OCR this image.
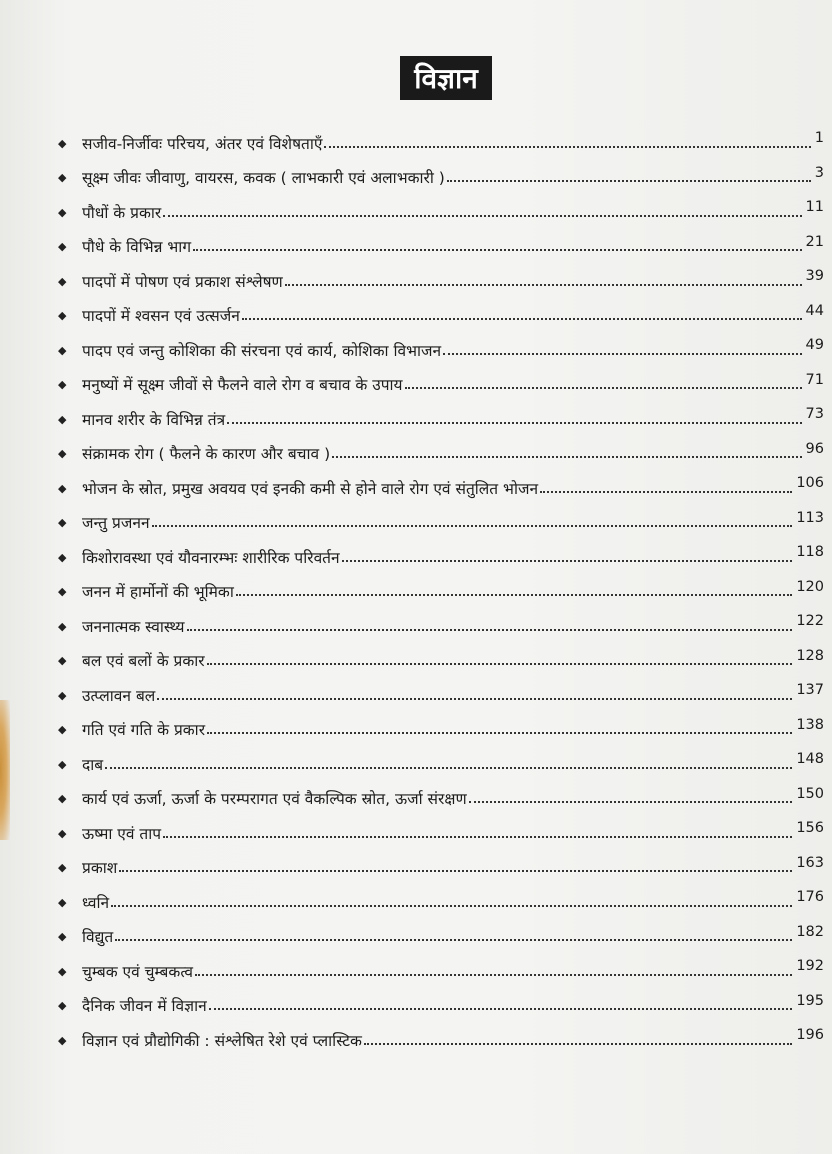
विज्ञान
◆	सजीव-निर्जीवः परिचय, अंतर एवं विशेषताएँ	1
◆	सूक्ष्म जीवः जीवाणु, वायरस, कवक ( लाभकारी एवं अलाभकारी )	3
◆	पौधों के प्रकार	11
◆	पौधे के विभिन्न भाग	21
◆	पादपों में पोषण एवं प्रकाश संश्लेषण	39
◆	पादपों में श्वसन एवं उत्सर्जन	44
◆	पादप एवं जन्तु कोशिका की संरचना एवं कार्य, कोशिका विभाजन	49
◆	मनुष्यों में सूक्ष्म जीवों से फैलने वाले रोग व बचाव के उपाय	71
◆	मानव शरीर के विभिन्न तंत्र	73
◆	संक्रामक रोग ( फैलने के कारण और बचाव )	96
◆	भोजन के स्रोत, प्रमुख अवयव एवं इनकी कमी से होने वाले रोग एवं संतुलित भोजन	106
◆	जन्तु प्रजनन	113
◆	किशोरावस्था एवं यौवनारम्भः शारीरिक परिवर्तन	118
◆	जनन में हार्मोनों की भूमिका	120
◆	जननात्मक स्वास्थ्य	122
◆	बल एवं बलों के प्रकार	128
◆	उत्प्लावन बल	137
◆	गति एवं गति के प्रकार	138
◆	दाब	148
◆	कार्य एवं ऊर्जा, ऊर्जा के परम्परागत एवं वैकल्पिक स्रोत, ऊर्जा संरक्षण	150
◆	ऊष्मा एवं ताप	156
◆	प्रकाश	163
◆	ध्वनि	176
◆	विद्युत	182
◆	चुम्बक एवं चुम्बकत्व	192
◆	दैनिक जीवन में विज्ञान	195
◆	विज्ञान एवं प्रौद्योगिकी : संश्लेषित रेशे एवं प्लास्टिक	196
